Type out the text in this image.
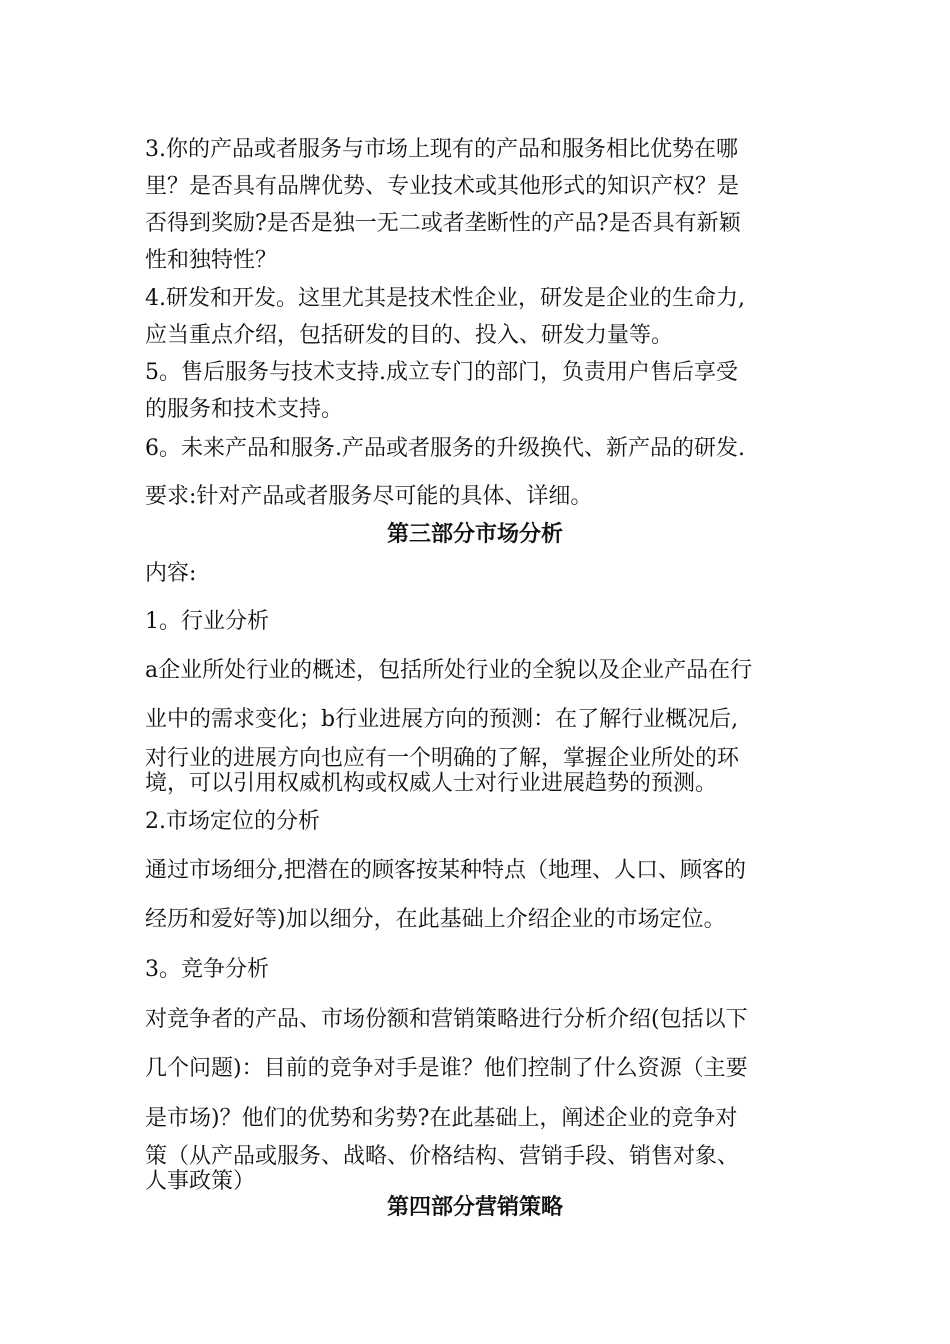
3.你的产品或者服务与市场上现有的产品和服务相比优势在哪
里？是否具有品牌优势、专业技术或其他形式的知识产权？是
否得到奖励?是否是独一无二或者垄断性的产品?是否具有新颖
性和独特性？
4.研发和开发。这里尤其是技术性企业，研发是企业的生命力,
应当重点介绍，包括研发的目的、投入、研发力量等。
5。售后服务与技术支持.成立专门的部门，负责用户售后享受
的服务和技术支持。
6。未来产品和服务.产品或者服务的升级换代、新产品的研发.
要求:针对产品或者服务尽可能的具体、详细。
第三部分市场分析
内容:
1。行业分析
a企业所处行业的概述，包括所处行业的全貌以及企业产品在行
业中的需求变化；b行业进展方向的预测：在了解行业概况后,
对行业的进展方向也应有一个明确的了解，掌握企业所处的环
境，可以引用权威机构或权威人士对行业进展趋势的预测。
2.市场定位的分析
通过市场细分,把潜在的顾客按某种特点（地理、人口、顾客的
经历和爱好等)加以细分，在此基础上介绍企业的市场定位。
3。竞争分析
对竞争者的产品、市场份额和营销策略进行分析介绍(包括以下
几个问题)：目前的竞争对手是谁？他们控制了什么资源（主要
是市场)？他们的优势和劣势?在此基础上，阐述企业的竞争对
策（从产品或服务、战略、价格结构、营销手段、销售对象、
人事政策）
第四部分营销策略
